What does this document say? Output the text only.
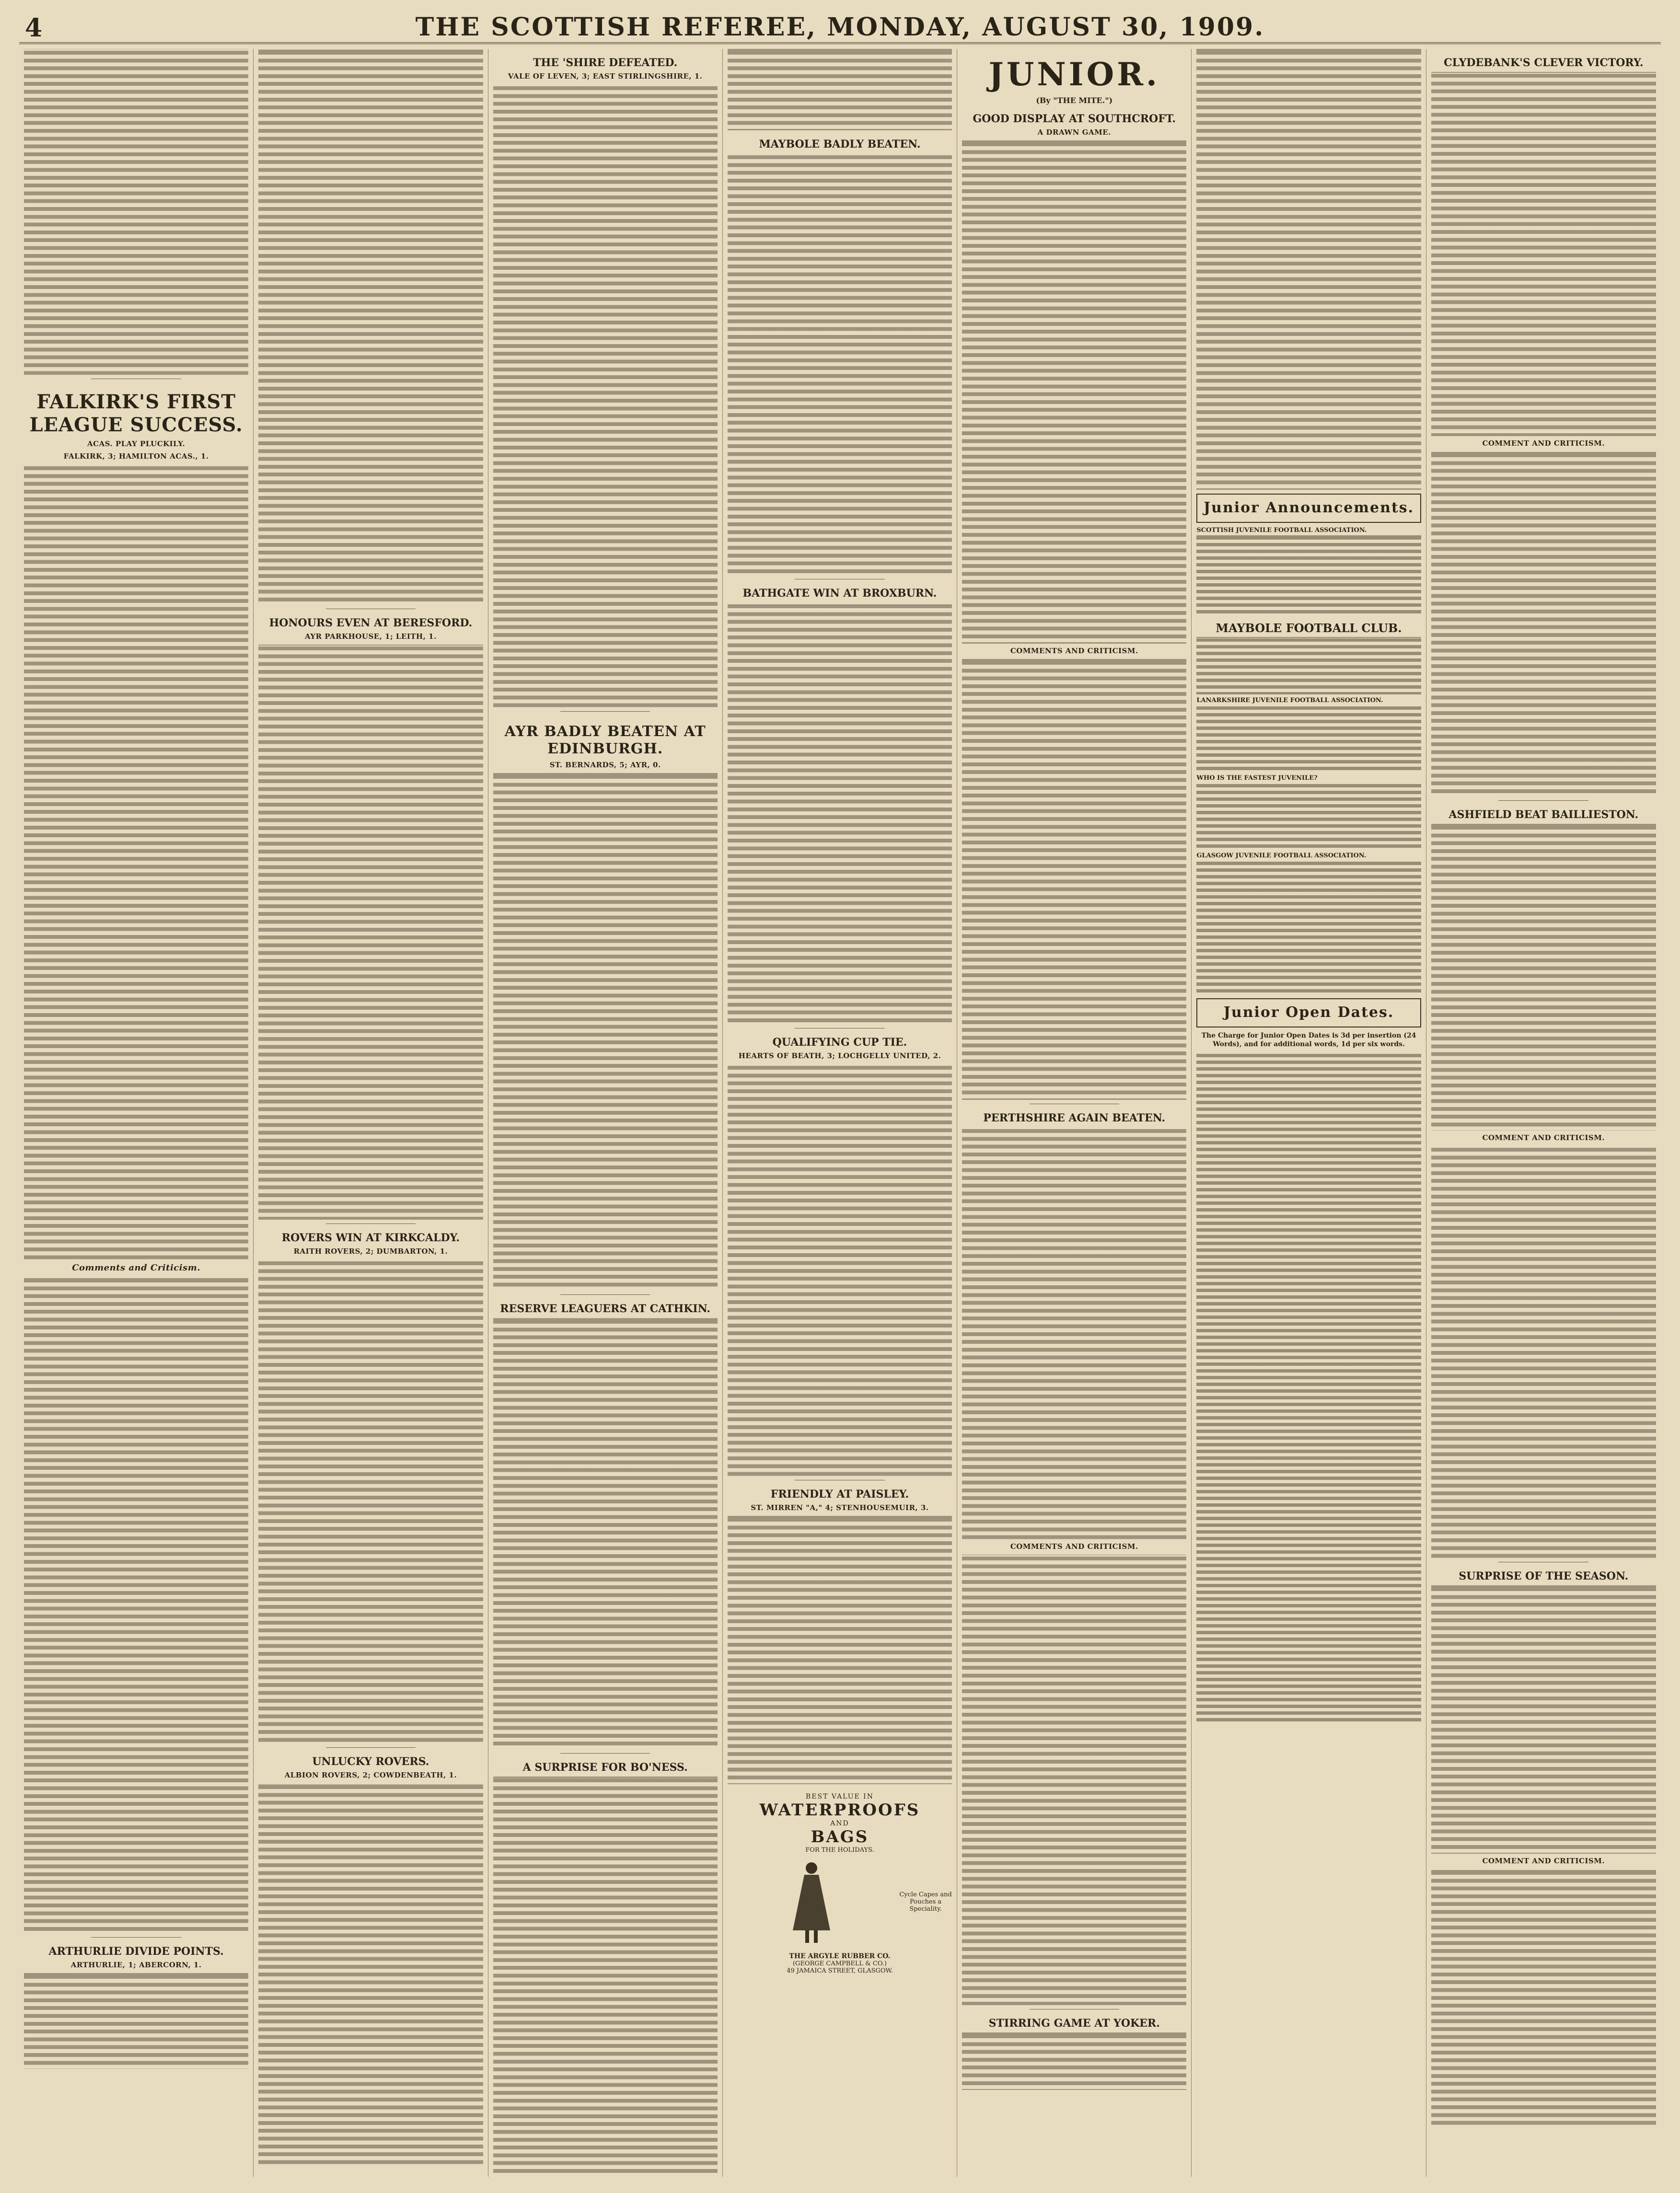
4	THE SCOTTISH REFEREE, MONDAY, AUGUST 30, 1909.

FALKIRK'S FIRST LEAGUE SUCCESS.
ACAS. PLAY PLUCKILY.
FALKIRK, 3; HAMILTON ACAS., 1.

Comments and Criticism.

ARTHURLIE DIVIDE POINTS.
ARTHURLIE, 1; ABERCORN, 1.

HONOURS EVEN AT BERESFORD.
AYR PARKHOUSE, 1; LEITH, 1.

ROVERS WIN AT KIRKCALDY.
RAITH ROVERS, 2; DUMBARTON, 1.

UNLUCKY ROVERS.
ALBION ROVERS, 2; COWDENBEATH, 1.

THE 'SHIRE DEFEATED.
VALE OF LEVEN, 3; EAST STIRLINGSHIRE, 1.

AYR BADLY BEATEN AT EDINBURGH.
ST. BERNARDS, 5; AYR, 0.

RESERVE LEAGUERS AT CATHKIN.

A SURPRISE FOR BO'NESS.

MAYBOLE BADLY BEATEN.

BATHGATE WIN AT BROXBURN.

QUALIFYING CUP TIE.
HEARTS OF BEATH, 3; LOCHGELLY UNITED, 2.

FRIENDLY AT PAISLEY.
ST. MIRREN "A," 4; STENHOUSEMUIR, 3.

BEST VALUE IN
WATERPROOFS
AND
BAGS
FOR THE HOLIDAYS.
Cycle Capes and Pouches a Speciality.
THE ARGYLE RUBBER CO.
(GEORGE CAMPBELL & CO.)
49 JAMAICA STREET, GLASGOW.
JUNIOR.
(By "THE MITE.")
GOOD DISPLAY AT SOUTHCROFT.
A DRAWN GAME.

COMMENTS AND CRITICISM.

PERTHSHIRE AGAIN BEATEN.

COMMENTS AND CRITICISM.

STIRRING GAME AT YOKER.

Junior Announcements.
SCOTTISH JUVENILE FOOTBALL ASSOCIATION.
MAYBOLE FOOTBALL CLUB.
LANARKSHIRE JUVENILE FOOTBALL ASSOCIATION.
WHO IS THE FASTEST JUVENILE?
GLASGOW JUVENILE FOOTBALL ASSOCIATION.
Junior Open Dates.
The Charge for Junior Open Dates is 3d per insertion (24 Words), and for additional words, 1d per six words.
CLYDEBANK'S CLEVER VICTORY.

COMMENT AND CRITICISM.

ASHFIELD BEAT BAILLIESTON.

COMMENT AND CRITICISM.

SURPRISE OF THE SEASON.

COMMENT AND CRITICISM.
